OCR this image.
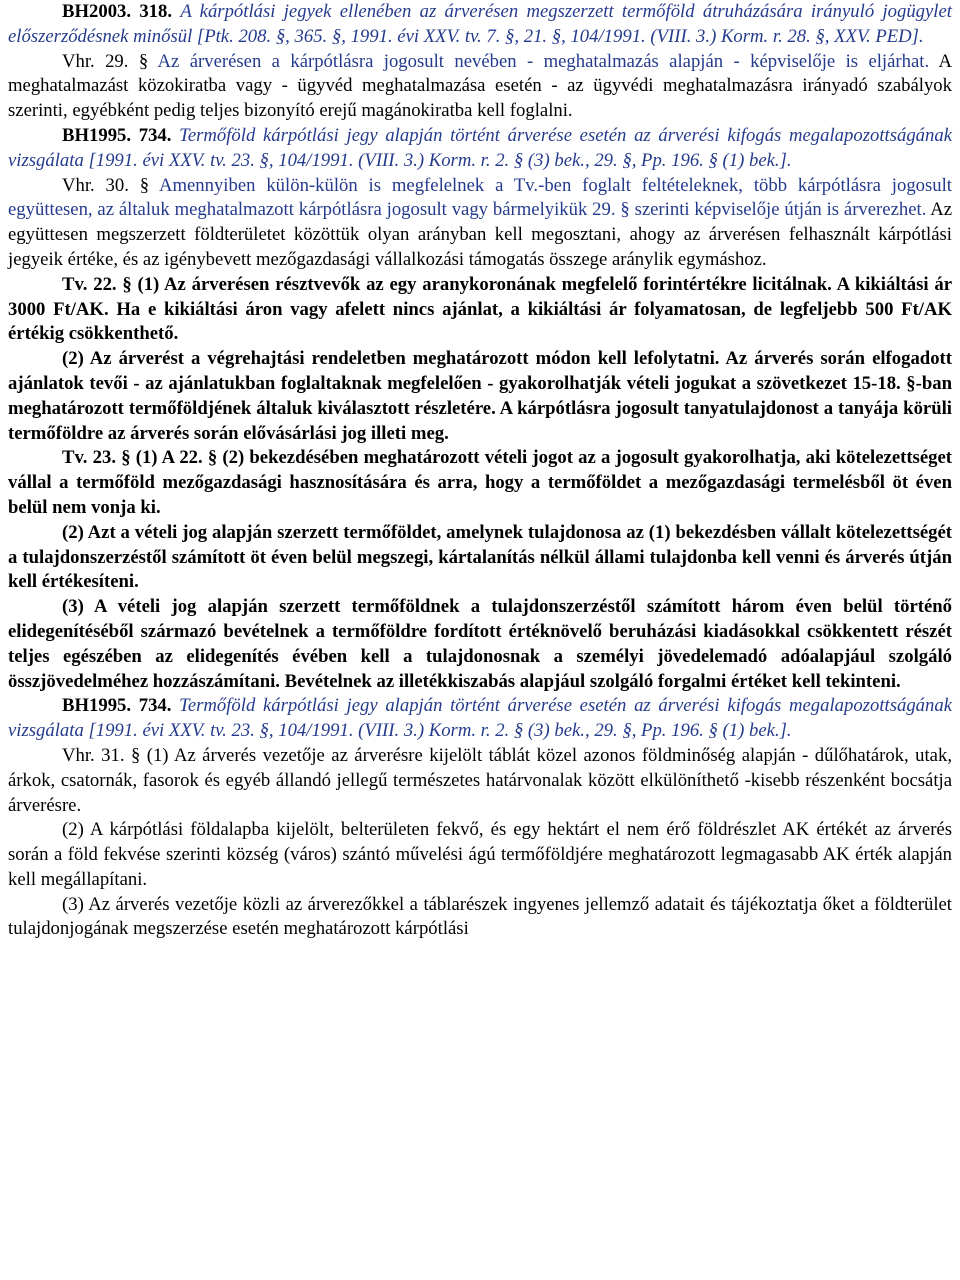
BH2003. 318. A kárpótlási jegyek ellenében az árverésen megszerzett termőföld átruházására irányuló jogügylet előszerződésnek minősül [Ptk. 208. §, 365. §, 1991. évi XXV. tv. 7. §, 21. §, 104/1991. (VIII. 3.) Korm. r. 28. §, XXV. PED].

Vhr. 29. § Az árverésen a kárpótlásra jogosult nevében - meghatalmazás alapján - képviselője is eljárhat. A meghatalmazást közokiratba vagy - ügyvéd meghatalmazása esetén - az ügyvédi meghatalmazásra irányadó szabályok szerinti, egyébként pedig teljes bizonyító erejű magánokiratba kell foglalni.

BH1995. 734. Termőföld kárpótlási jegy alapján történt árverése esetén az árverési kifogás megalapozottságának vizsgálata [1991. évi XXV. tv. 23. §, 104/1991. (VIII. 3.) Korm. r. 2. § (3) bek., 29. §, Pp. 196. § (1) bek.].

Vhr. 30. § Amennyiben külön-külön is megfelelnek a Tv.-ben foglalt feltételeknek, több kárpótlásra jogosult együttesen, az általuk meghatalmazott kárpótlásra jogosult vagy bármelyikük 29. § szerinti képviselője útján is árverezhet. Az együttesen megszerzett földterületet közöttük olyan arányban kell megosztani, ahogy az árverésen felhasznált kárpótlási jegyeik értéke, és az igénybevett mezőgazdasági vállalkozási támogatás összege aránylik egymáshoz.

Tv. 22. § (1) Az árverésen résztvevők az egy aranykoronának megfelelő forintértékre licitálnak. A kikiáltási ár 3000 Ft/AK. Ha e kikiáltási áron vagy afelett nincs ajánlat, a kikiáltási ár folyamatosan, de legfeljebb 500 Ft/AK értékig csökkenthető.

(2) Az árverést a végrehajtási rendeletben meghatározott módon kell lefolytatni. Az árverés során elfogadott ajánlatok tevői - az ajánlatukban foglaltaknak megfelelően - gyakorolhatják vételi jogukat a szövetkezet 15-18. §-ban meghatározott termőföldjének általuk kiválasztott részletére. A kárpótlásra jogosult tanyatulajdonost a tanyája körüli termőföldre az árverés során elővásárlási jog illeti meg.

Tv. 23. § (1) A 22. § (2) bekezdésében meghatározott vételi jogot az a jogosult gyakorolhatja, aki kötelezettséget vállal a termőföld mezőgazdasági hasznosítására és arra, hogy a termőföldet a mezőgazdasági termelésből öt éven belül nem vonja ki.

(2) Azt a vételi jog alapján szerzett termőföldet, amelynek tulajdonosa az (1) bekezdésben vállalt kötelezettségét a tulajdonszerzéstől számított öt éven belül megszegi, kártalanítás nélkül állami tulajdonba kell venni és árverés útján kell értékesíteni.

(3) A vételi jog alapján szerzett termőföldnek a tulajdonszerzéstől számított három éven belül történő elidegenítéséből származó bevételnek a termőföldre fordított értéknövelő beruházási kiadásokkal csökkentett részét teljes egészében az elidegenítés évében kell a tulajdonosnak a személyi jövedelemadó adóalapjául szolgáló összjövedelméhez hozzászámítani. Bevételnek az illetékkiszabás alapjául szolgáló forgalmi értéket kell tekinteni.

BH1995. 734. Termőföld kárpótlási jegy alapján történt árverése esetén az árverési kifogás megalapozottságának vizsgálata [1991. évi XXV. tv. 23. §, 104/1991. (VIII. 3.) Korm. r. 2. § (3) bek., 29. §, Pp. 196. § (1) bek.].

Vhr. 31. § (1) Az árverés vezetője az árverésre kijelölt táblát közel azonos földminőség alapján - dűlőhatárok, utak, árkok, csatornák, fasorok és egyéb állandó jellegű természetes határvonalak között elkülöníthető -kisebb részenként bocsátja árverésre.

(2) A kárpótlási földalapba kijelölt, belterületen fekvő, és egy hektárt el nem érő földrészlet AK értékét az árverés során a föld fekvése szerinti község (város) szántó művelési ágú termőföldjére meghatározott legmagasabb AK érték alapján kell megállapítani.

(3) Az árverés vezetője közli az árverezőkkel a táblarészek ingyenes jellemző adatait és tájékoztatja őket a földterület tulajdonjogának megszerzése esetén meghatározott kárpótlási
